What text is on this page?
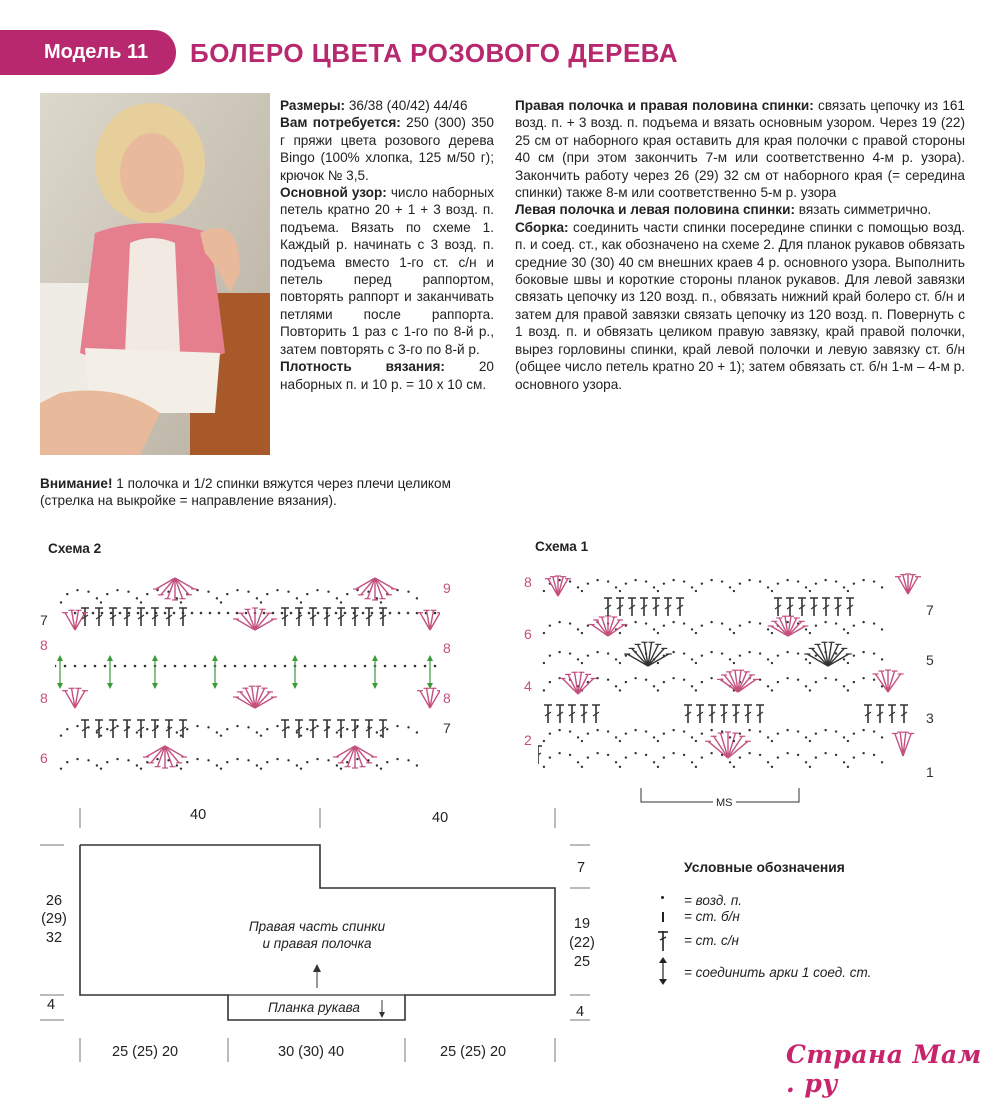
Модель 11	БОЛЕРО ЦВЕТА РОЗОВОГО ДЕРЕВА

Размеры: 36/38 (40/42) 44/46

Вам потребуется: 250 (300) 350 г пряжи цвета розового дерева Bingo (100% хлопка, 125 м/50 г); крючок № 3,5.

Основной узор: число наборных петель кратно 20 + 1 + 3 возд. п. подъема. Вязать по схеме 1. Каждый р. начинать с 3 возд. п. подъема вместо 1-го ст. с/н и петель перед раппортом, повторять раппорт и заканчивать петлями после раппорта. Повторить 1 раз с 1-го по 8-й р., затем повторять с 3-го по 8-й р.

Плотность вязания: 20 наборных п. и 10 р. = 10 х 10 см.

Внимание! 1 полочка и 1/2 спинки вяжутся через плечи целиком (стрелка на выкройке = направление вязания).

Правая полочка и правая половина спинки: связать цепочку из 161 возд. п. + 3 возд. п. подъема и вязать основным узором. Через 19 (22) 25 см от наборного края оставить для края полочки с правой стороны 40 см (при этом закончить 7-м или соответственно 4-м р. узора). Закончить работу через 26 (29) 32 см от наборного края (= середина спинки) также 8-м или соответственно 5-м р. узора

Левая полочка и левая половина спинки: вязать симметрично.

Сборка: соединить части спинки посередине спинки с помощью возд. п. и соед. ст., как обозначено на схеме 2. Для планок рукавов обвязать средние 30 (30) 40 см внешних краев 4 р. основного узора. Выполнить боковые швы и короткие стороны планок рукавов. Для левой завязки связать цепочку из 120 возд. п., обвязать нижний край болеро ст. б/н и затем для правой завязки связать цепочку из 120 возд. п. Повернуть с 1 возд. п. и обвязать целиком правую завязку, край правой полочки, вырез горловины спинки, край левой полочки и левую завязку ст. б/н (общее число петель кратно 20 + 1); затем обвязать ст. б/н 1-м – 4-м р. основного узора.

Схема 2
7
8
8
6
9
8
8
7
Схема 1
8
6
4
2
7
5
3
1
MS
40	40
26
(29)
32
4
7
19
(22)
25
4
Правая часть спинки
и правая полочка
Планка рукава
25 (25) 20	30 (30) 40	25 (25) 20
Условные обозначения
= возд. п.
= ст. б/н
= ст. с/н
= соединить арки 1 соед. ст.
Страна Мам . ру
